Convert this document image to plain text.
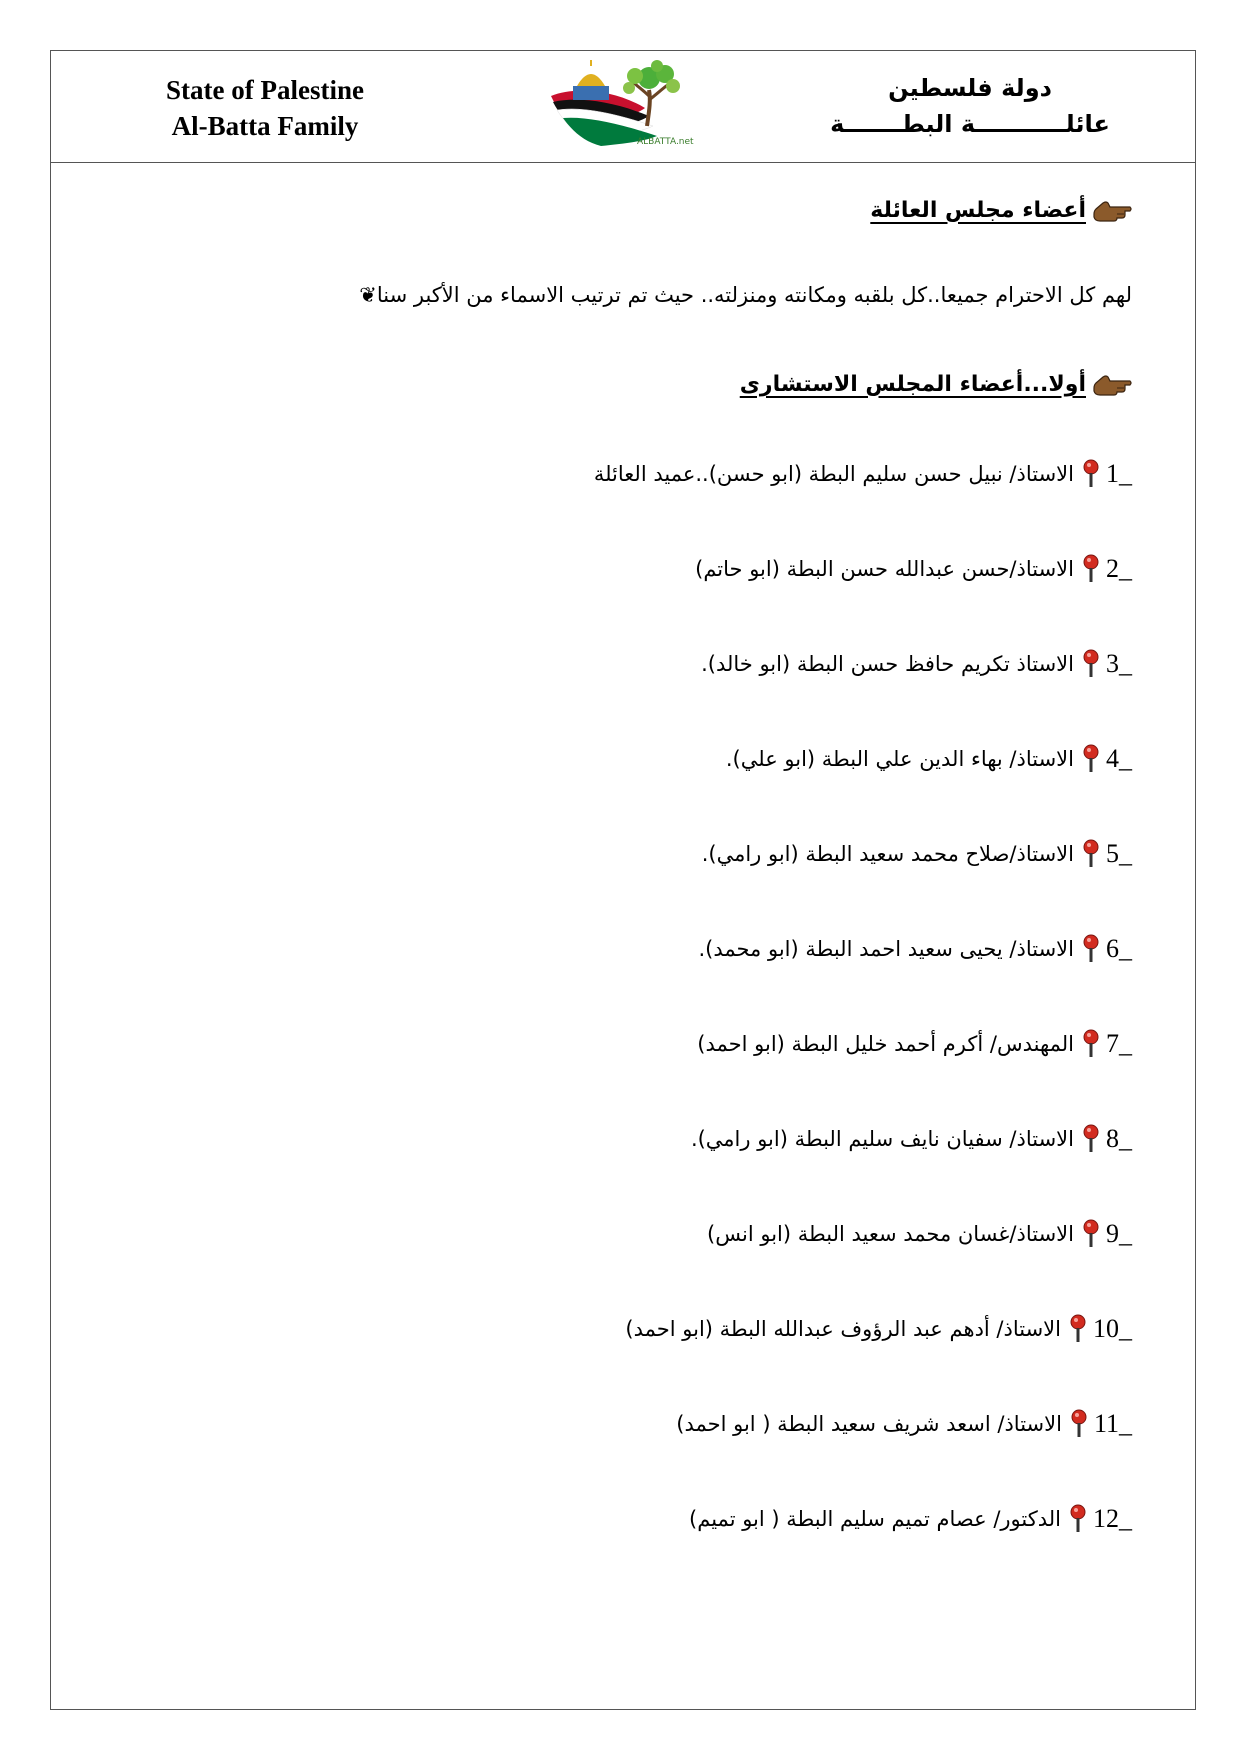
State of Palestine
Al-Batta Family
ALBATTA.net
دولة فلسطين
عائلـــــــــــة البطـــــــة
أعضاء مجلس العائلة
لهم كل الاحترام جميعا..كل بلقبه ومكانته ومنزلته.. حيث تم ترتيب الاسماء من الأكبر سنا❦
أولا...أعضاء المجلس الاستشارى
1_
الاستاذ/ نبيل حسن سليم البطة (ابو حسن)..عميد العائلة
2_
الاستاذ/حسن عبدالله حسن البطة (ابو حاتم)
3_
الاستاذ تكريم حافظ حسن البطة (ابو خالد).
4_
الاستاذ/ بهاء الدين علي البطة (ابو علي).
5_
الاستاذ/صلاح محمد سعيد البطة (ابو رامي).
6_
الاستاذ/ يحيى سعيد احمد البطة (ابو محمد).
7_
المهندس/ أكرم أحمد خليل البطة (ابو احمد)
8_
الاستاذ/ سفيان نايف سليم البطة (ابو رامي).
9_
الاستاذ/غسان محمد سعيد البطة (ابو انس)
10_
الاستاذ/ أدهم عبد الرؤوف عبدالله البطة (ابو احمد)
11_
الاستاذ/ اسعد شريف سعيد البطة ( ابو احمد)
12_
الدكتور/ عصام تميم سليم البطة ( ابو تميم)
